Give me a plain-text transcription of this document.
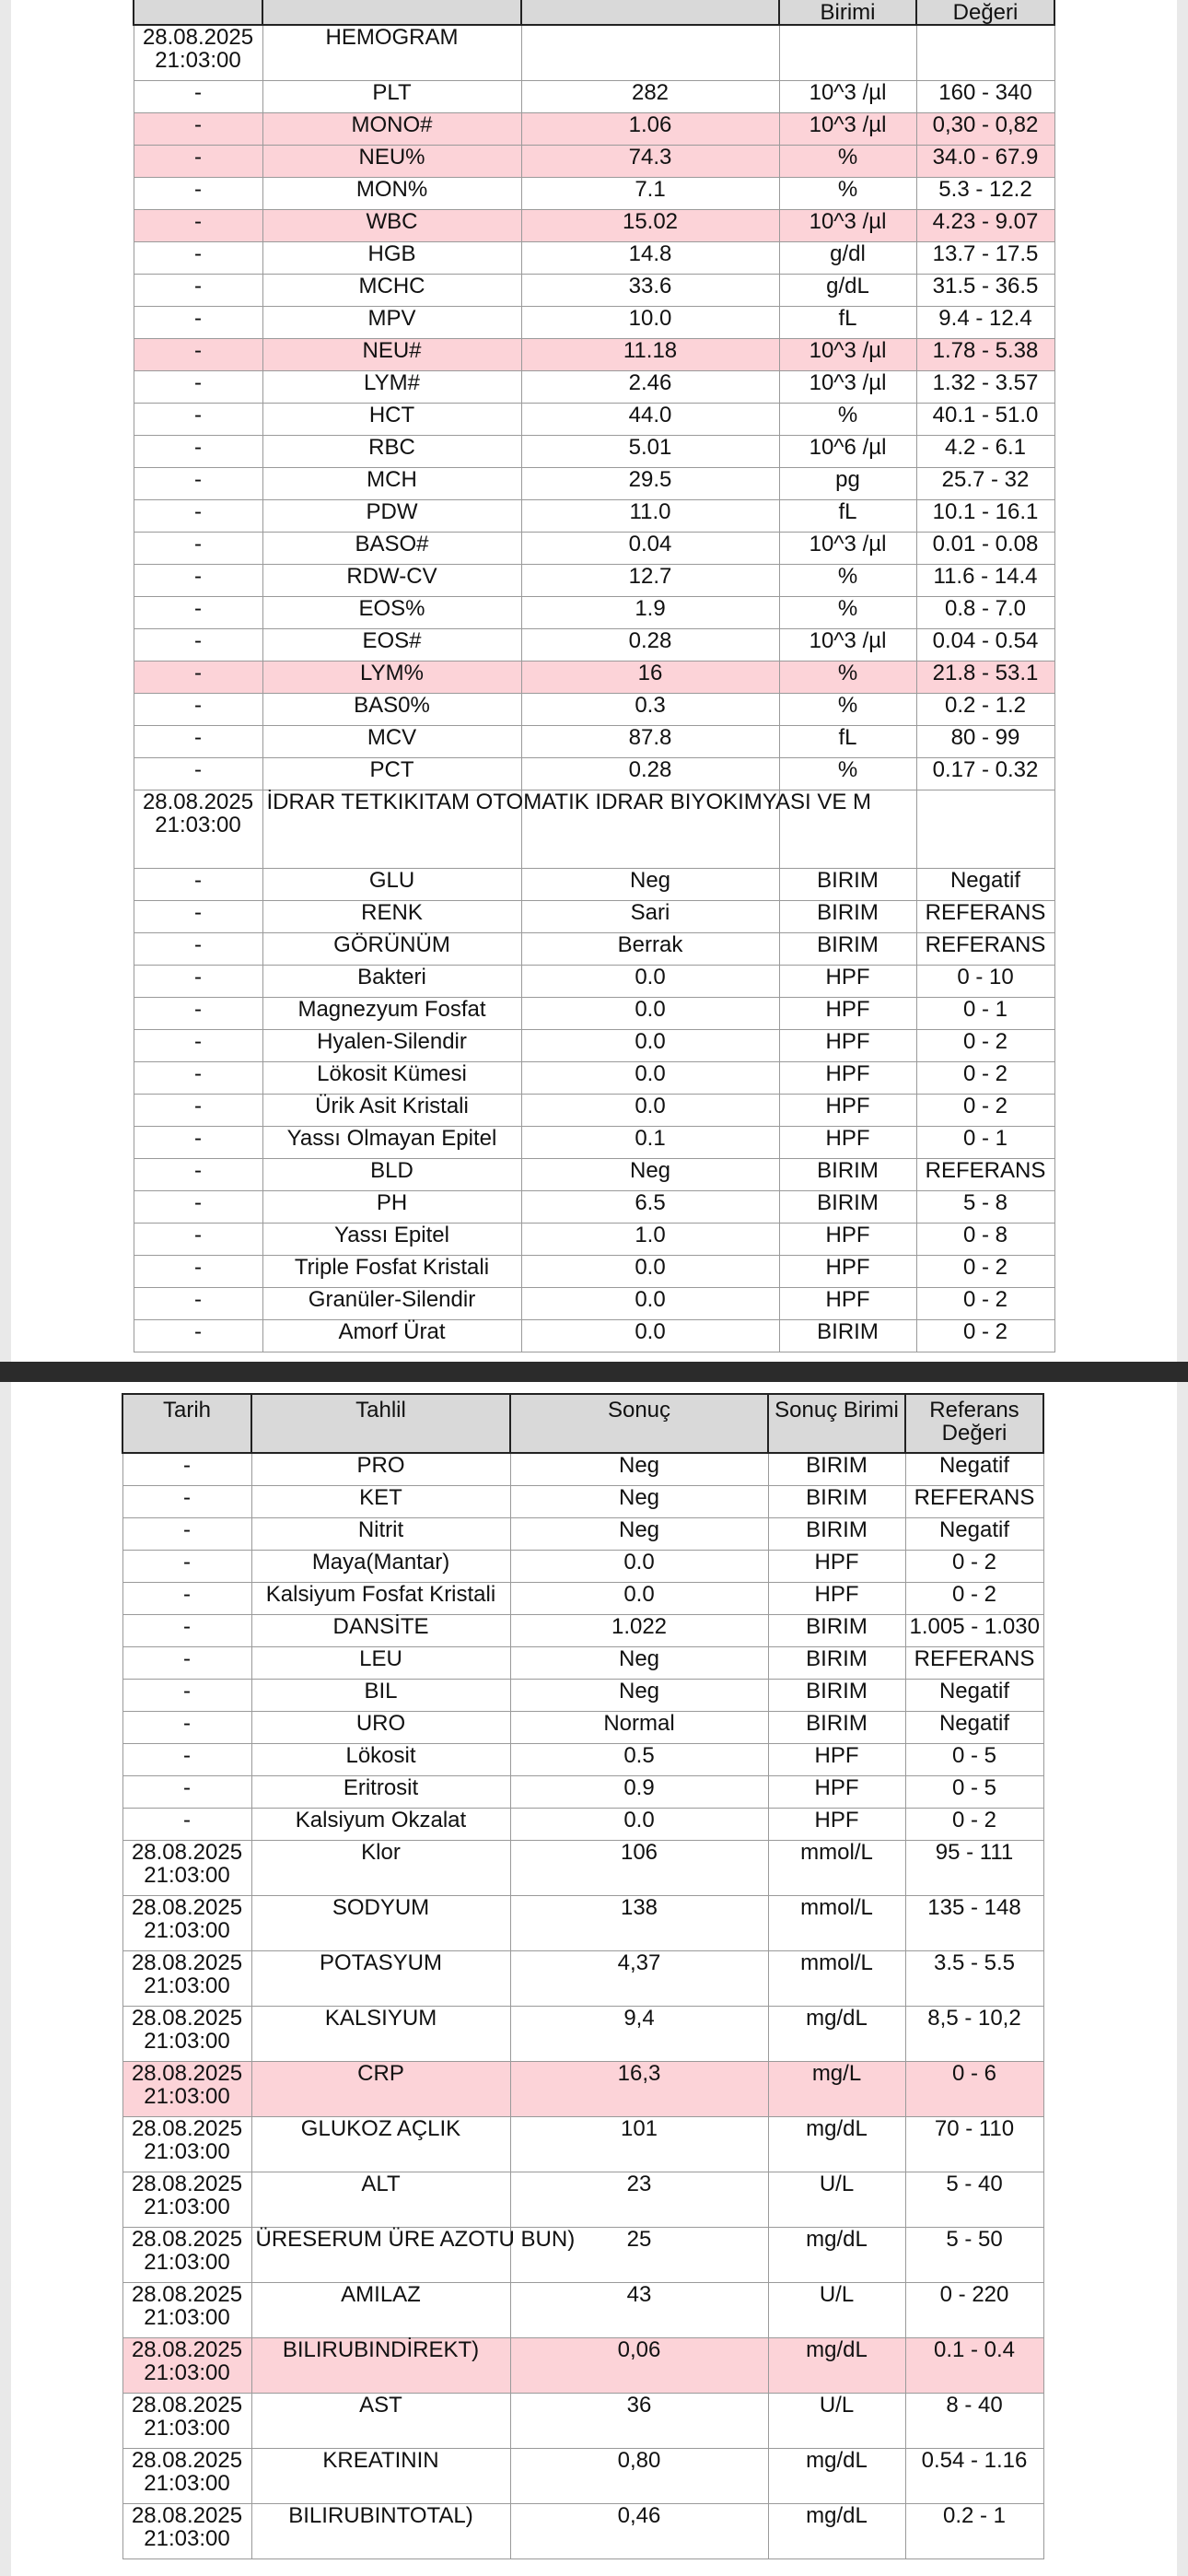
			Birimi	Değeri

28.08.2025
21:03:00	HEMOGRAM			
-	PLT	282	10^3 /µl	160 - 340
-	MONO#	1.06	10^3 /µl	0,30 - 0,82
-	NEU%	74.3	%	34.0 - 67.9
-	MON%	7.1	%	5.3 - 12.2
-	WBC	15.02	10^3 /µl	4.23 - 9.07
-	HGB	14.8	g/dl	13.7 - 17.5
-	MCHC	33.6	g/dL	31.5 - 36.5
-	MPV	10.0	fL	9.4 - 12.4
-	NEU#	11.18	10^3 /µl	1.78 - 5.38
-	LYM#	2.46	10^3 /µl	1.32 - 3.57
-	HCT	44.0	%	40.1 - 51.0
-	RBC	5.01	10^6 /µl	4.2 - 6.1
-	MCH	29.5	pg	25.7 - 32
-	PDW	11.0	fL	10.1 - 16.1
-	BASO#	0.04	10^3 /µl	0.01 - 0.08
-	RDW-CV	12.7	%	11.6 - 14.4
-	EOS%	1.9	%	0.8 - 7.0
-	EOS#	0.28	10^3 /µl	0.04 - 0.54
-	LYM%	16	%	21.8 - 53.1
-	BAS0%	0.3	%	0.2 - 1.2
-	MCV	87.8	fL	80 - 99
-	PCT	0.28	%	0.17 - 0.32

28.08.2025
21:03:00	İDRAR TETKIKITAM OTOMATIK IDRAR BIYOKIMYASI VE M			
-	GLU	Neg	BIRIM	Negatif
-	RENK	Sari	BIRIM	REFERANS
-	GÖRÜNÜM	Berrak	BIRIM	REFERANS
-	Bakteri	0.0	HPF	0 - 10
-	Magnezyum Fosfat	0.0	HPF	0 - 1
-	Hyalen-Silendir	0.0	HPF	0 - 2
-	Lökosit Kümesi	0.0	HPF	0 - 2
-	Ürik Asit Kristali	0.0	HPF	0 - 2
-	Yassı Olmayan Epitel	0.1	HPF	0 - 1
-	BLD	Neg	BIRIM	REFERANS
-	PH	6.5	BIRIM	5 - 8
-	Yassı Epitel	1.0	HPF	0 - 8
-	Triple Fosfat Kristali	0.0	HPF	0 - 2
-	Granüler-Silendir	0.0	HPF	0 - 2
-	Amorf Ürat	0.0	BIRIM	0 - 2
Tarih	Tahlil	Sonuç	Sonuç Birimi	Referans Değeri
-	PRO	Neg	BIRIM	Negatif
-	KET	Neg	BIRIM	REFERANS
-	Nitrit	Neg	BIRIM	Negatif
-	Maya(Mantar)	0.0	HPF	0 - 2
-	Kalsiyum Fosfat Kristali	0.0	HPF	0 - 2
-	DANSİTE	1.022	BIRIM	1.005 - 1.030
-	LEU	Neg	BIRIM	REFERANS
-	BIL	Neg	BIRIM	Negatif
-	URO	Normal	BIRIM	Negatif
-	Lökosit	0.5	HPF	0 - 5
-	Eritrosit	0.9	HPF	0 - 5
-	Kalsiyum Okzalat	0.0	HPF	0 - 2

28.08.2025
21:03:00	Klor	106	mmol/L	95 - 111

28.08.2025
21:03:00	SODYUM	138	mmol/L	135 - 148

28.08.2025
21:03:00	POTASYUM	4,37	mmol/L	3.5 - 5.5

28.08.2025
21:03:00	KALSIYUM	9,4	mg/dL	8,5 - 10,2

28.08.2025
21:03:00	CRP	16,3	mg/L	0 - 6

28.08.2025
21:03:00	GLUKOZ AÇLIK	101	mg/dL	70 - 110

28.08.2025
21:03:00	ALT	23	U/L	5 - 40

28.08.2025
21:03:00	ÜRESERUM ÜRE AZOTU BUN)	25	mg/dL	5 - 50

28.08.2025
21:03:00	AMILAZ	43	U/L	0 - 220

28.08.2025
21:03:00	BILIRUBINDİREKT)	0,06	mg/dL	0.1 - 0.4

28.08.2025
21:03:00	AST	36	U/L	8 - 40

28.08.2025
21:03:00	KREATININ	0,80	mg/dL	0.54 - 1.16

28.08.2025
21:03:00	BILIRUBINTOTAL)	0,46	mg/dL	0.2 - 1
